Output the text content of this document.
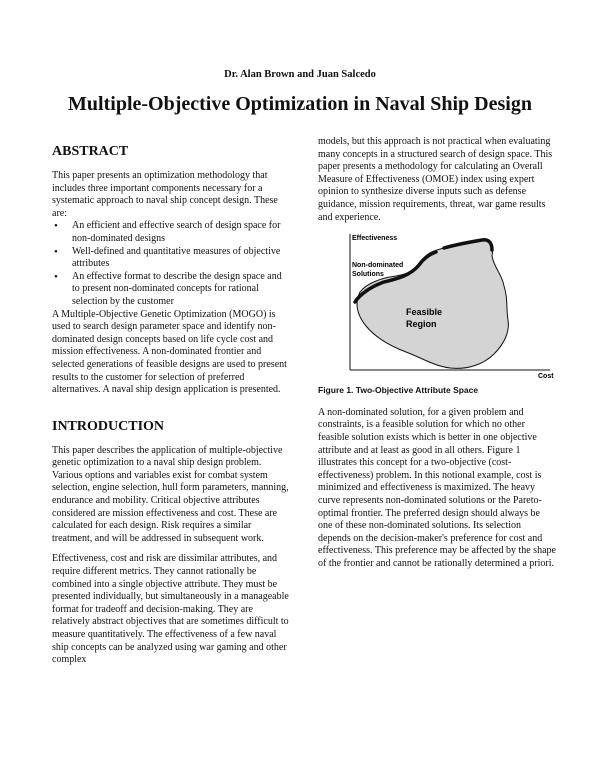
Dr. Alan Brown and Juan Salcedo
Multiple-Objective Optimization in Naval Ship Design
ABSTRACT

This paper presents an optimization methodology that includes three important components necessary for a systematic approach to naval ship concept design. These are:

• An efficient and effective search of design space for non-dominated designs
• Well-defined and quantitative measures of objective attributes
• An effective format to describe the design space and to present non-dominated concepts for rational selection by the customer

A Multiple-Objective Genetic Optimization (MOGO) is used to search design parameter space and identify non-dominated design concepts based on life cycle cost and mission effectiveness. A non-dominated frontier and selected generations of feasible designs are used to present results to the customer for selection of preferred alternatives. A naval ship design application is presented.

INTRODUCTION

This paper describes the application of multiple-objective genetic optimization to a naval ship design problem. Various options and variables exist for combat system selection, engine selection, hull form parameters, manning, endurance and mobility. Critical objective attributes considered are mission effectiveness and cost. These are calculated for each design. Risk requires a similar treatment, and will be addressed in subsequent work.

Effectiveness, cost and risk are dissimilar attributes, and require different metrics. They cannot rationally be combined into a single objective attribute. They must be presented individually, but simultaneously in a manageable format for tradeoff and decision-making. They are relatively abstract objectives that are sometimes difficult to measure quantitatively. The effectiveness of a few naval ship concepts can be analyzed using war gaming and other complex

models, but this approach is not practical when evaluating many concepts in a structured search of design space. This paper presents a methodology for calculating an Overall Measure of Effectiveness (OMOE) index using expert opinion to synthesize diverse inputs such as defense guidance, mission requirements, threat, war game results and experience.

Effectiveness
Cost
Non-dominated
Solutions
Feasible
Region
Figure 1. Two-Objective Attribute Space

A non-dominated solution, for a given problem and constraints, is a feasible solution for which no other feasible solution exists which is better in one objective attribute and at least as good in all others. Figure 1 illustrates this concept for a two-objective (cost-effectiveness) problem. In this notional example, cost is minimized and effectiveness is maximized. The heavy curve represents non-dominated solutions or the Pareto-optimal frontier. The preferred design should always be one of these non-dominated solutions. Its selection depends on the decision-maker's preference for cost and effectiveness. This preference may be affected by the shape of the frontier and cannot be rationally determined a priori.
